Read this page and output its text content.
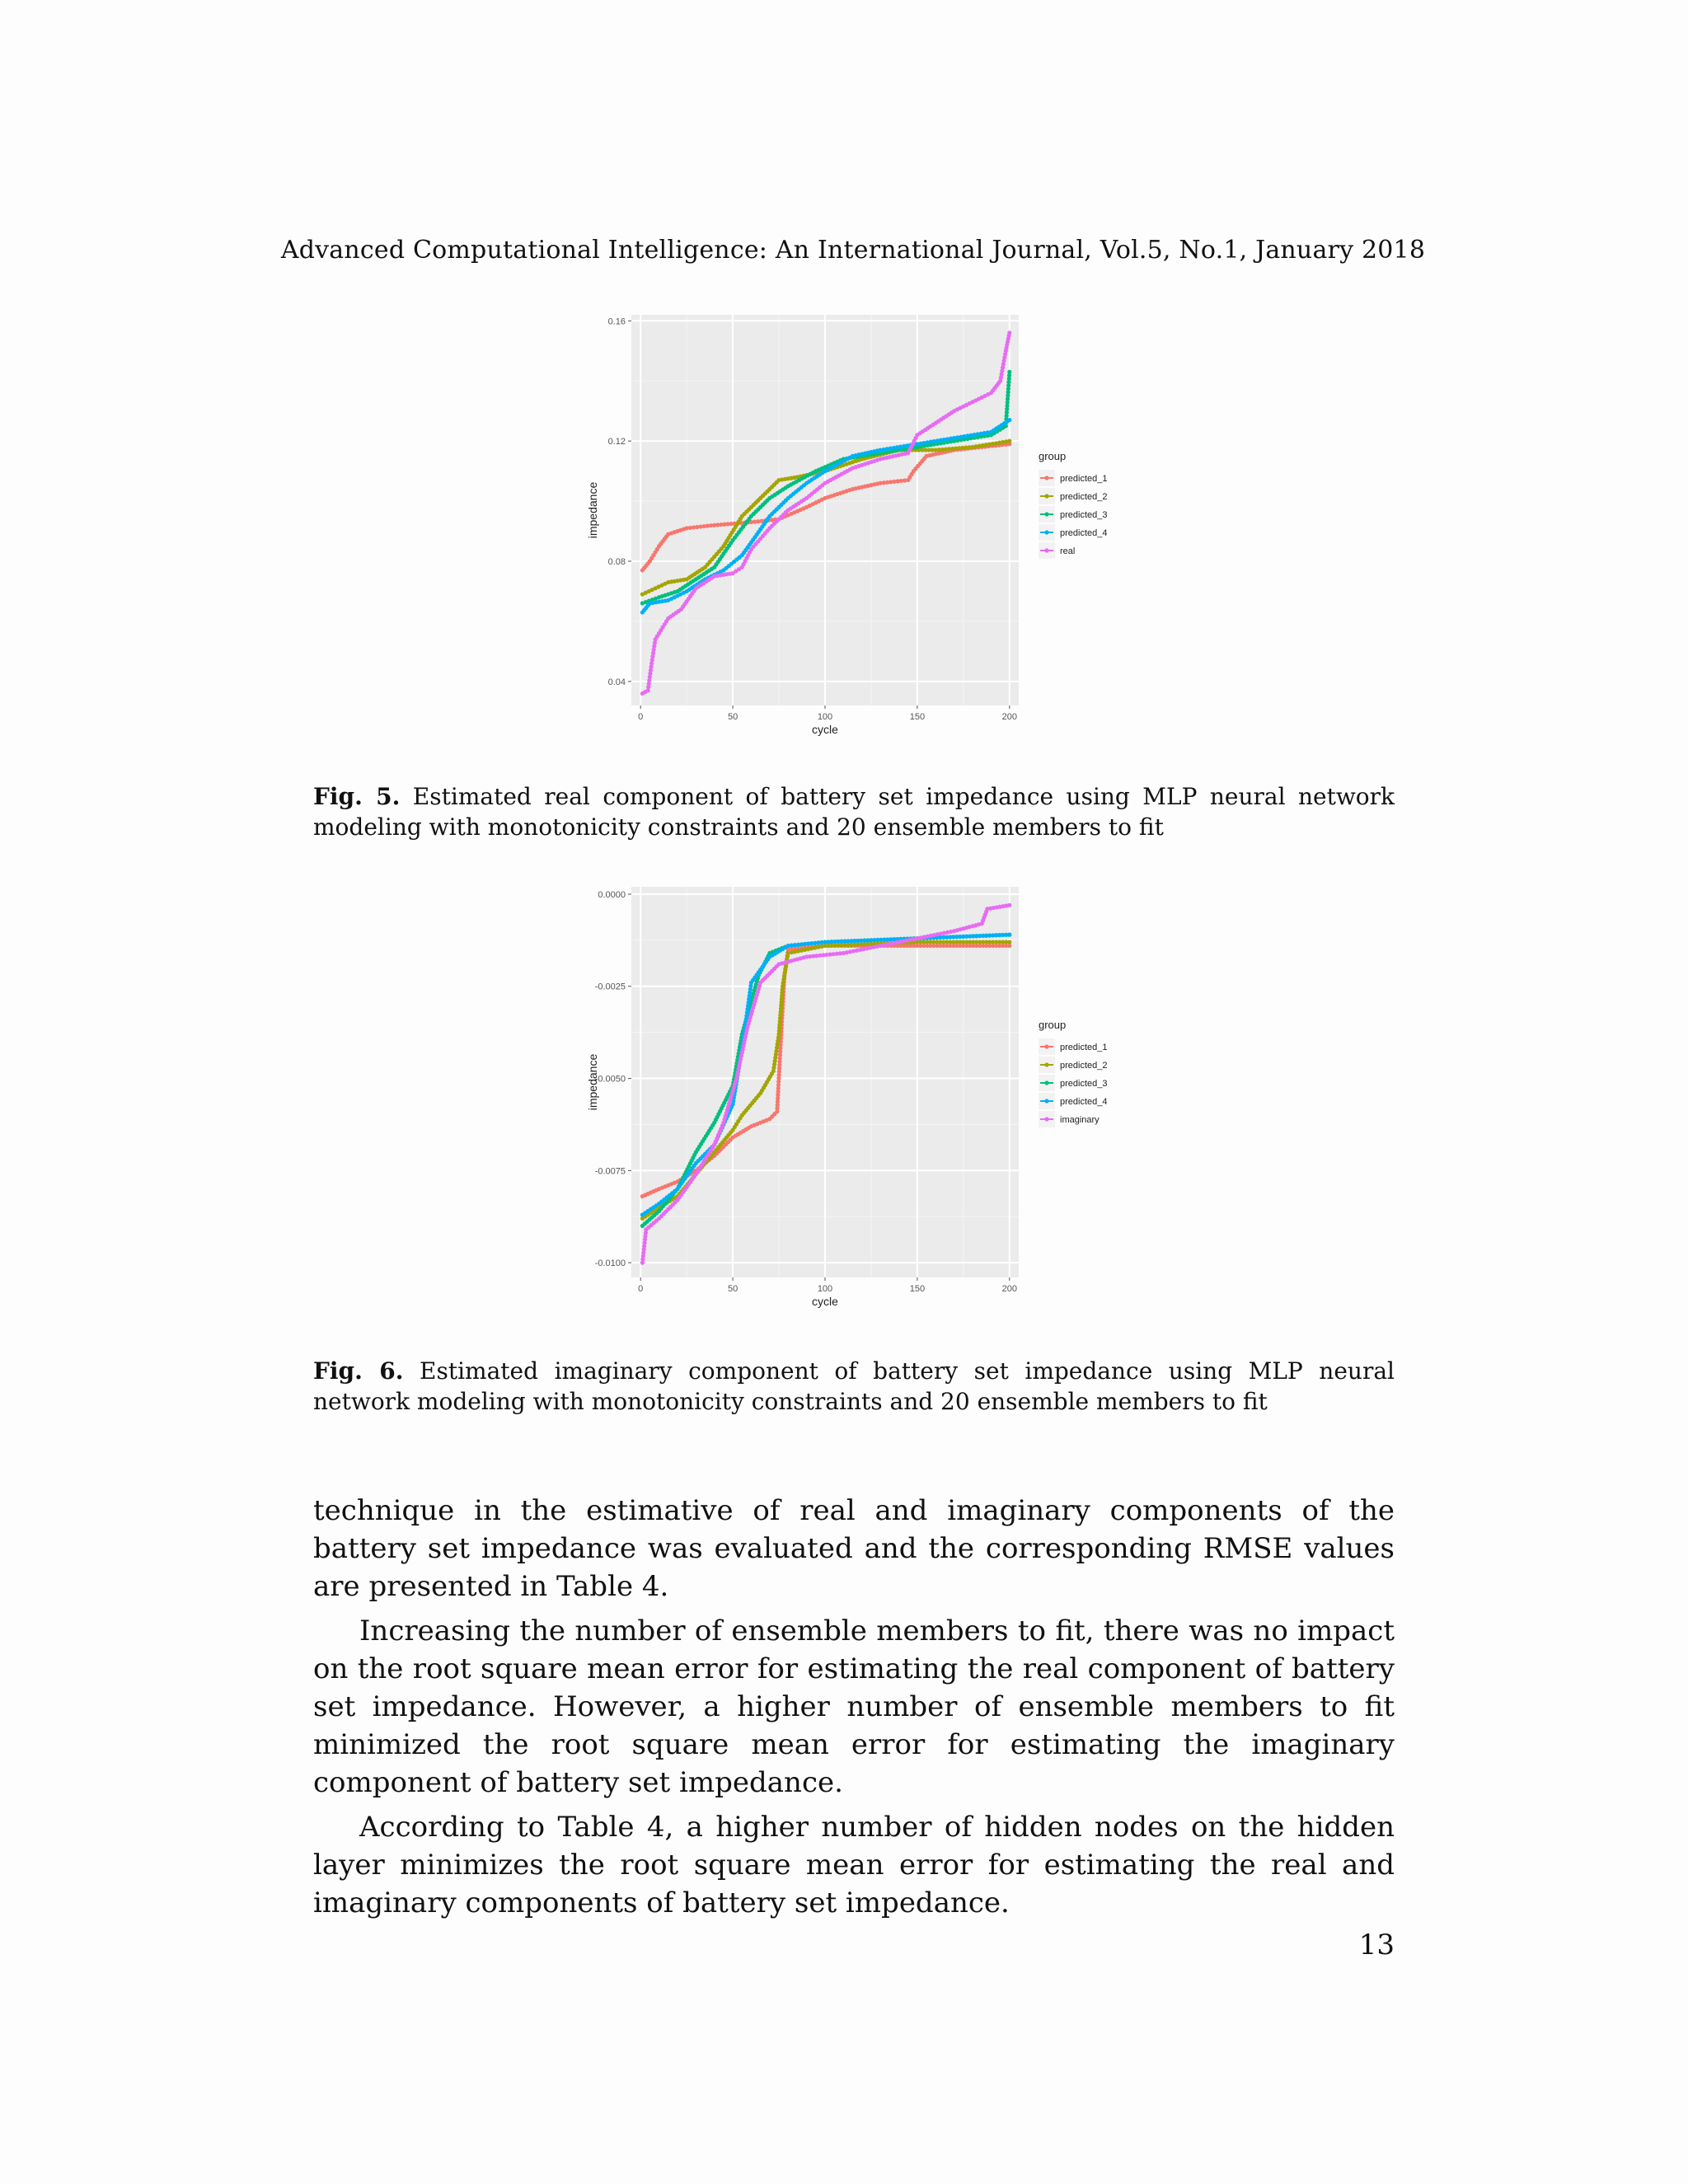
Advanced Computational Intelligence: An International Journal, Vol.5, No.1, January 2018
0.04
0.08
0.12
0.16
0	50	100	150	200
cycle
impedance
group
predicted_1
predicted_2
predicted_3
predicted_4
real
Fig. 5. Estimated real component of battery set impedance using MLP neural network modeling with monotonicity constraints and 20 ensemble members to fit
0.0000
-0.0025
-0.0050
-0.0075
-0.0100
0	50	100	150	200
cycle
impedance
group
predicted_1
predicted_2
predicted_3
predicted_4
imaginary
Fig. 6. Estimated imaginary component of battery set impedance using MLP neural network modeling with monotonicity constraints and 20 ensemble members to fit

technique in the estimative of real and imaginary components of the battery set impedance was evaluated and the corresponding RMSE values are presented in Table 4.

Increasing the number of ensemble members to fit, there was no impact on the root square mean error for estimating the real component of battery set impedance. However, a higher number of ensemble members to fit minimized the root square mean error for estimating the imaginary component of battery set impedance.

According to Table 4, a higher number of hidden nodes on the hidden layer minimizes the root square mean error for estimating the real and imaginary components of battery set impedance.

13
